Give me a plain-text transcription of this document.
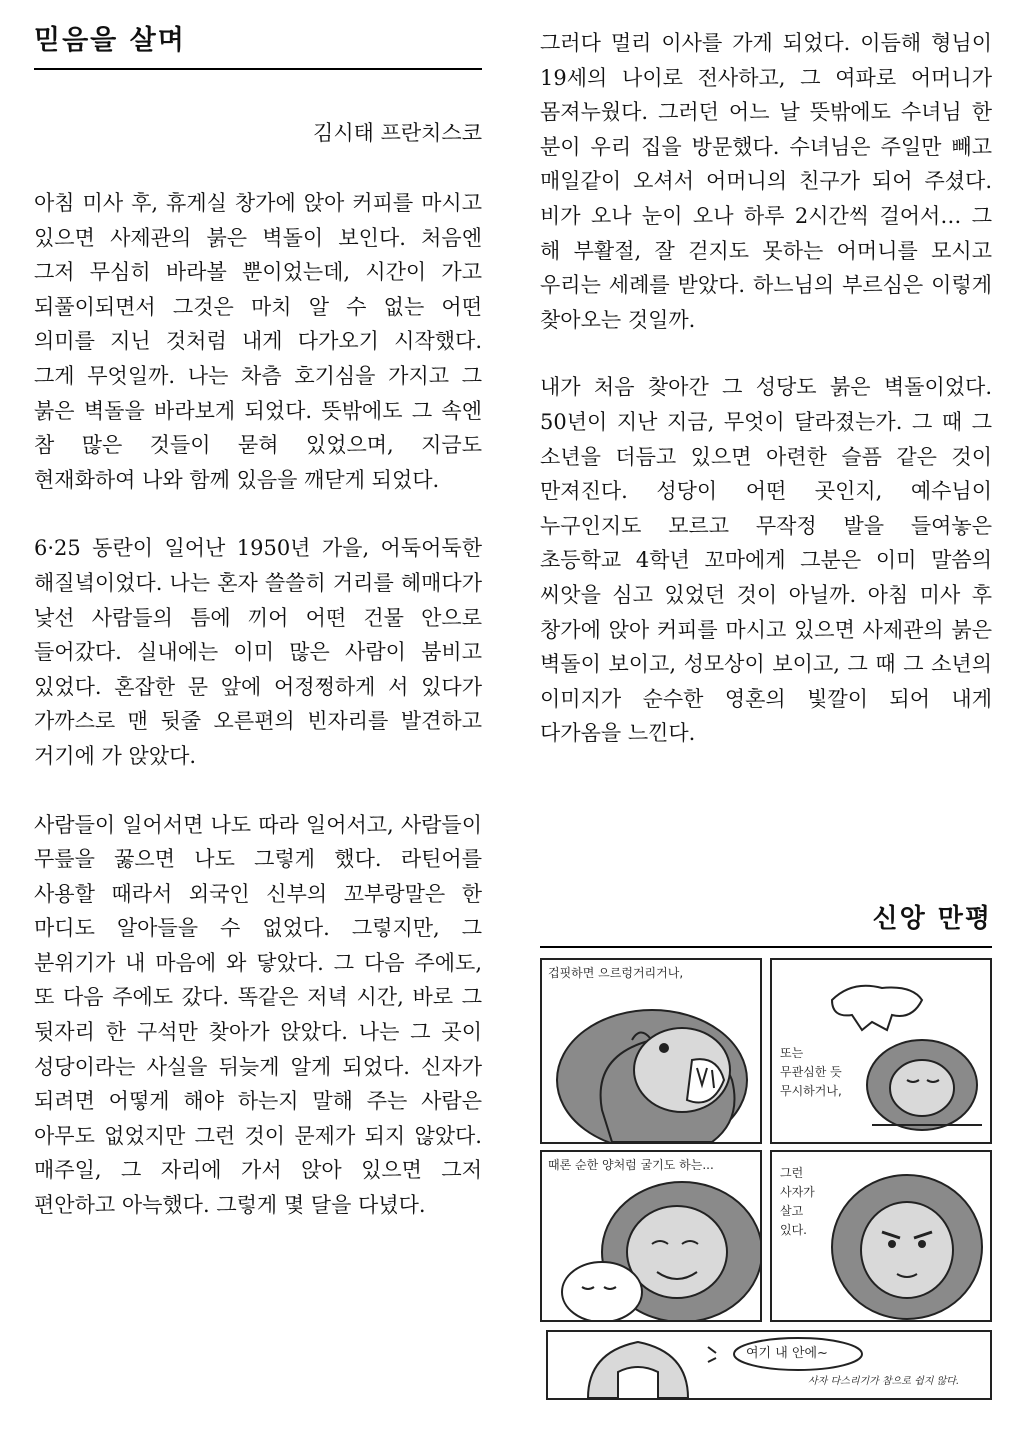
믿음을 살며
김시태 프란치스코

아침 미사 후, 휴게실 창가에 앉아 커피를 마시고 있으면 사제관의 붉은 벽돌이 보인다. 처음엔 그저 무심히 바라볼 뿐이었는데, 시간이 가고 되풀이되면서 그것은 마치 알 수 없는 어떤 의미를 지닌 것처럼 내게 다가오기 시작했다. 그게 무엇일까. 나는 차츰 호기심을 가지고 그 붉은 벽돌을 바라보게 되었다. 뜻밖에도 그 속엔 참 많은 것들이 묻혀 있었으며, 지금도 현재화하여 나와 함께 있음을 깨닫게 되었다.

6·25 동란이 일어난 1950년 가을, 어둑어둑한 해질녘이었다. 나는 혼자 쓸쓸히 거리를 헤매다가 낯선 사람들의 틈에 끼어 어떤 건물 안으로 들어갔다. 실내에는 이미 많은 사람이 붐비고 있었다. 혼잡한 문 앞에 어정쩡하게 서 있다가 가까스로 맨 뒷줄 오른편의 빈자리를 발견하고 거기에 가 앉았다.

사람들이 일어서면 나도 따라 일어서고, 사람들이 무릎을 꿇으면 나도 그렇게 했다. 라틴어를 사용할 때라서 외국인 신부의 꼬부랑말은 한 마디도 알아들을 수 없었다. 그렇지만, 그 분위기가 내 마음에 와 닿았다. 그 다음 주에도, 또 다음 주에도 갔다. 똑같은 저녁 시간, 바로 그 뒷자리 한 구석만 찾아가 앉았다. 나는 그 곳이 성당이라는 사실을 뒤늦게 알게 되었다. 신자가 되려면 어떻게 해야 하는지 말해 주는 사람은 아무도 없었지만 그런 것이 문제가 되지 않았다. 매주일, 그 자리에 가서 앉아 있으면 그저 편안하고 아늑했다. 그렇게 몇 달을 다녔다.

그러다 멀리 이사를 가게 되었다. 이듬해 형님이 19세의 나이로 전사하고, 그 여파로 어머니가 몸져누웠다. 그러던 어느 날 뜻밖에도 수녀님 한 분이 우리 집을 방문했다. 수녀님은 주일만 빼고 매일같이 오셔서 어머니의 친구가 되어 주셨다. 비가 오나 눈이 오나 하루 2시간씩 걸어서… 그 해 부활절, 잘 걷지도 못하는 어머니를 모시고 우리는 세례를 받았다. 하느님의 부르심은 이렇게 찾아오는 것일까.

내가 처음 찾아간 그 성당도 붉은 벽돌이었다. 50년이 지난 지금, 무엇이 달라졌는가. 그 때 그 소년을 더듬고 있으면 아련한 슬픔 같은 것이 만져진다. 성당이 어떤 곳인지, 예수님이 누구인지도 모르고 무작정 발을 들여놓은 초등학교 4학년 꼬마에게 그분은 이미 말씀의 씨앗을 심고 있었던 것이 아닐까. 아침 미사 후 창가에 앉아 커피를 마시고 있으면 사제관의 붉은 벽돌이 보이고, 성모상이 보이고, 그 때 그 소년의 이미지가 순수한 영혼의 빛깔이 되어 내게 다가옴을 느낀다.

신앙 만평
겁핏하면 으르렁거리거나,
또는
무관심한 듯
무시하거나,
때론 순한 양처럼 굴기도 하는...
그런
사자가
살고
있다.
여기 내 안에~
사자 다스리기가 참으로 쉽지 않다.
